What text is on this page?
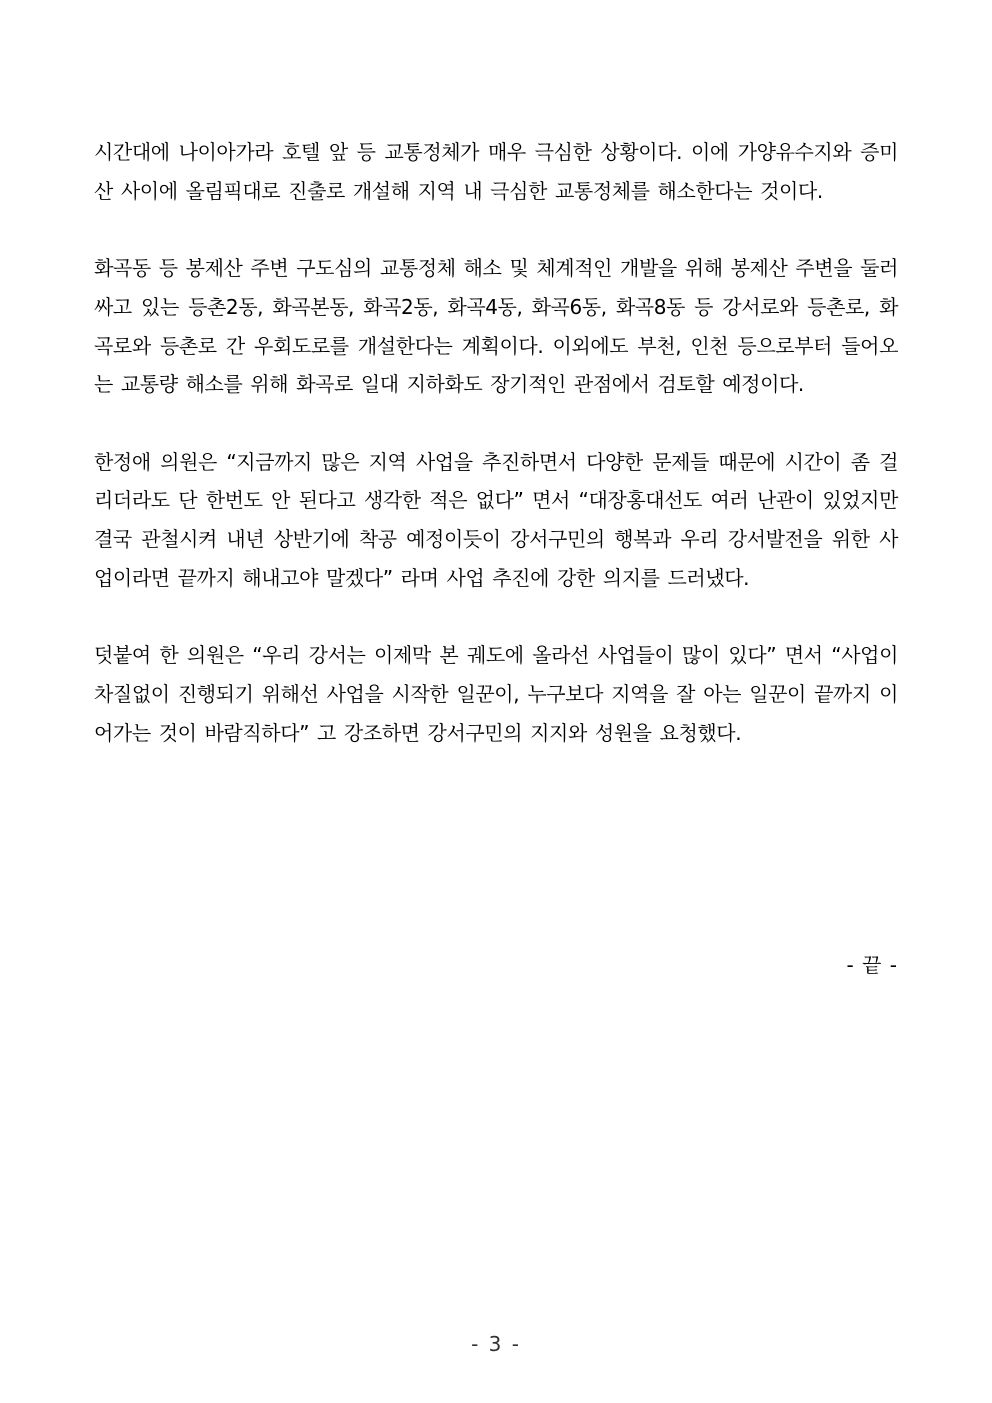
시간대에 나이아가라 호텔 앞 등 교통정체가 매우 극심한 상황이다. 이에 가양유수지와 증미산 사이에 올림픽대로 진출로 개설해 지역 내 극심한 교통정체를 해소한다는 것이다.

화곡동 등 봉제산 주변 구도심의 교통정체 해소 및 체계적인 개발을 위해 봉제산 주변을 둘러싸고 있는 등촌2동, 화곡본동, 화곡2동, 화곡4동, 화곡6동, 화곡8동 등 강서로와 등촌로, 화곡로와 등촌로 간 우회도로를 개설한다는 계획이다. 이외에도 부천, 인천 등으로부터 들어오는 교통량 해소를 위해 화곡로 일대 지하화도 장기적인 관점에서 검토할 예정이다.

한정애 의원은 “지금까지 많은 지역 사업을 추진하면서 다양한 문제들 때문에 시간이 좀 걸리더라도 단 한번도 안 된다고 생각한 적은 없다” 면서 “대장홍대선도 여러 난관이 있었지만 결국 관철시켜 내년 상반기에 착공 예정이듯이 강서구민의 행복과 우리 강서발전을 위한 사업이라면 끝까지 해내고야 말겠다” 라며 사업 추진에 강한 의지를 드러냈다.

덧붙여 한 의원은 “우리 강서는 이제막 본 궤도에 올라선 사업들이 많이 있다” 면서 “사업이 차질없이 진행되기 위해선 사업을 시작한 일꾼이, 누구보다 지역을 잘 아는 일꾼이 끝까지 이어가는 것이 바람직하다” 고 강조하면 강서구민의 지지와 성원을 요청했다.

- 끝 -
- 3 -
